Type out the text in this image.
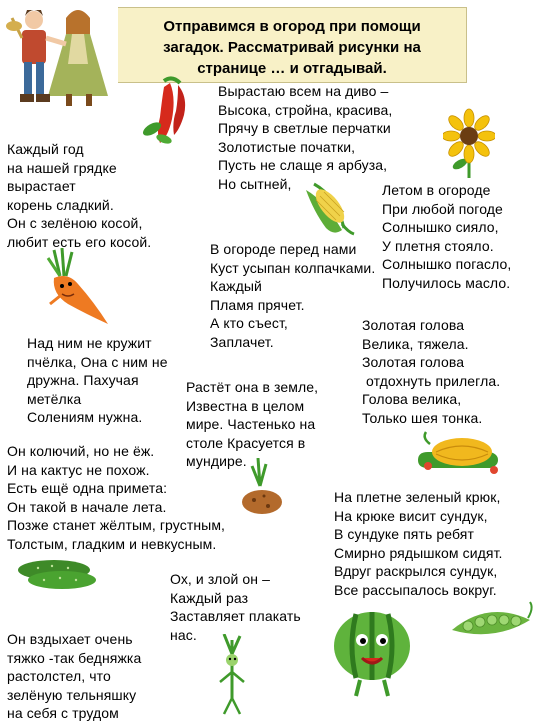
Отправимся в огород при помощи
загадок. Рассматривай рисунки на
странице … и отгадывай.
Вырастаю всем на диво –
Высока, стройна, красива,
Прячу в светлые перчатки
Золотистые початки,
Пусть не слаще я арбуза,
Но сытней,
Каждый год
на нашей грядке
вырастает
корень сладкий.
Он с зелёною косой,
любит есть его косой.
Летом в огороде
При любой погоде
Солнышко сияло,
У плетня стояло.
Солнышко погасло,
Получилось масло.
В огороде перед нами
Куст усыпан колпачками.
Каждый
Пламя прячет.
А кто съест,
Заплачет.
Золотая голова
Велика, тяжела.
Золотая голова
отдохнуть прилегла.
Голова велика,
Только шея тонка.
Над ним не кружит
пчёлка, Она с ним не
дружна. Пахучая
метёлка
Солениям нужна.
Растёт она в земле,
Известна в целом
мире. Частенько на
столе Красуется в
мундире.
Он колючий, но не ёж.
И на кактус не похож.
Есть ещё одна примета:
Он такой в начале лета.
Позже станет жёлтым, грустным,
Толстым, гладким и невкусным.
На плетне зеленый крюк,
На крюке висит сундук,
В сундуке пять ребят
Смирно рядышком сидят.
Вдруг раскрылся сундук,
Все рассыпалось вокруг.
Ох, и злой он –
Каждый раз
Заставляет плакать
нас.
Он вздыхает очень
тяжко -так бедняжка
растолстел, что
зелёную тельняшку
на себя с трудом
